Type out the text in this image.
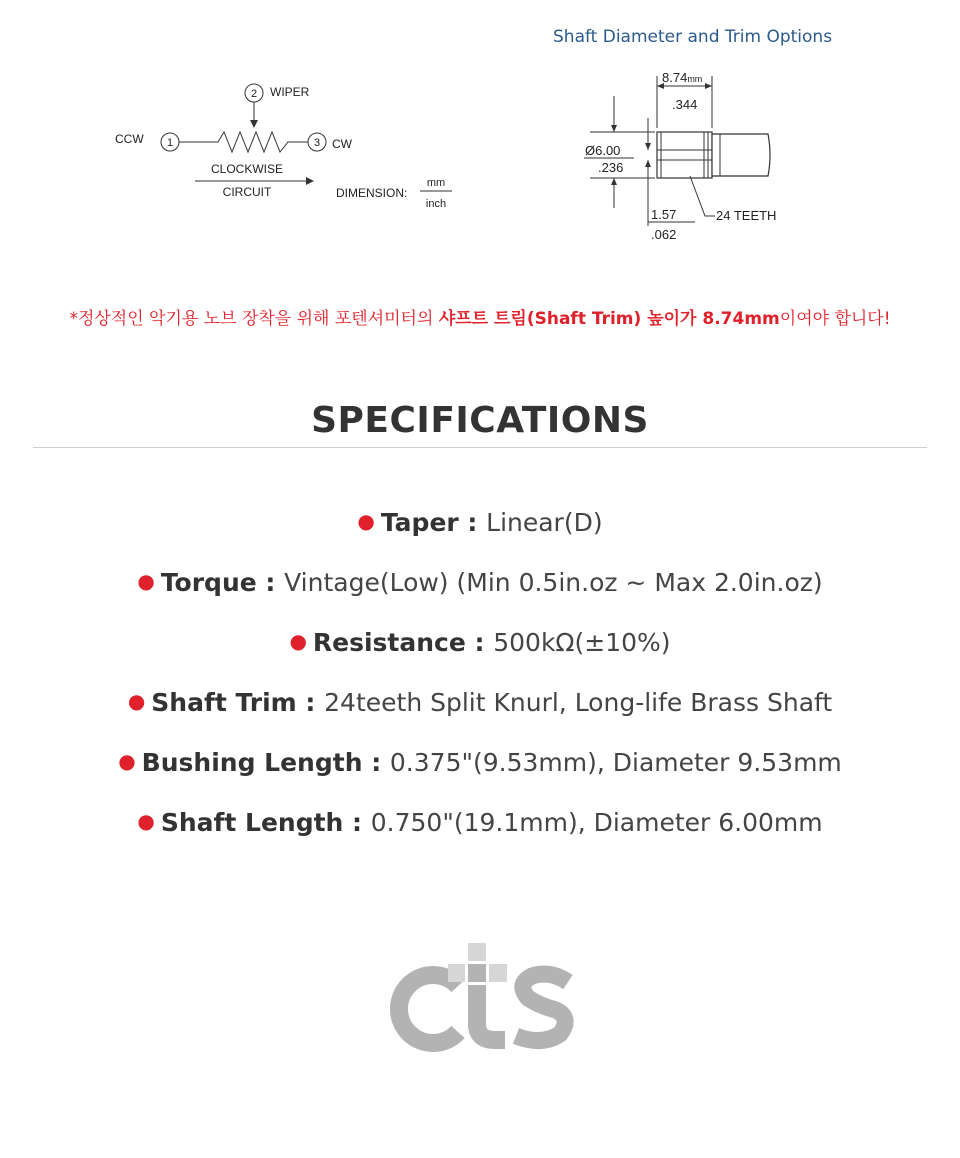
2 WIPER
CCW 1	3 CW
CLOCKWISE
CIRCUIT	DIMENSION:
mm
inch
Shaft Diameter and Trim Options
8.74mm
.344
Ø6.00
.236
1.57
.062
24 TEETH
*정상적인 악기용 노브 장착을 위해 포텐셔미터의 샤프트 트림(Shaft Trim) 높이가 8.74mm이여야 합니다!
SPECIFICATIONS
● Taper : Linear(D)
● Torque : Vintage(Low) (Min 0.5in.oz ~ Max 2.0in.oz)
● Resistance : 500kΩ(±10%)
● Shaft Trim : 24teeth Split Knurl, Long-life Brass Shaft
● Bushing Length : 0.375"(9.53mm), Diameter 9.53mm
● Shaft Length : 0.750"(19.1mm), Diameter 6.00mm
